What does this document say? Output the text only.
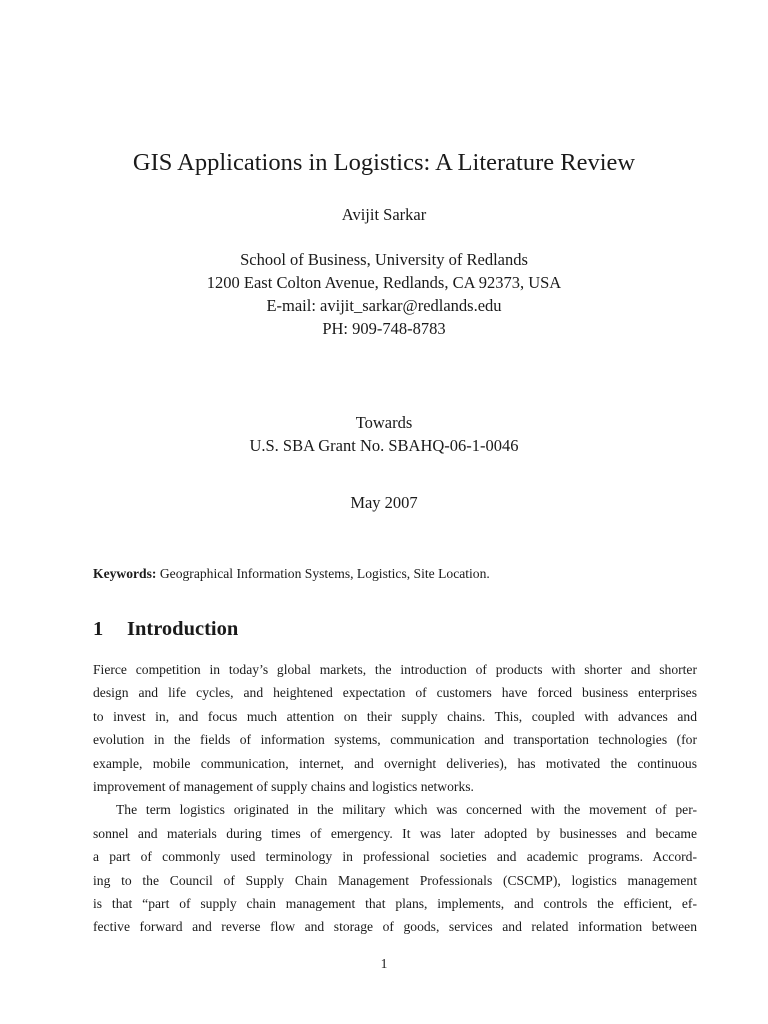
GIS Applications in Logistics: A Literature Review
Avijit Sarkar
School of Business, University of Redlands
1200 East Colton Avenue, Redlands, CA 92373, USA
E-mail: avijit_sarkar@redlands.edu
PH: 909-748-8783
Towards
U.S. SBA Grant No. SBAHQ-06-1-0046
May 2007
Keywords: Geographical Information Systems, Logistics, Site Location.
1 Introduction
Fierce competition in today’s global markets, the introduction of products with shorter and shorter
design and life cycles, and heightened expectation of customers have forced business enterprises
to invest in, and focus much attention on their supply chains. This, coupled with advances and
evolution in the fields of information systems, communication and transportation technologies (for
example, mobile communication, internet, and overnight deliveries), has motivated the continuous
improvement of management of supply chains and logistics networks.
The term logistics originated in the military which was concerned with the movement of per-
sonnel and materials during times of emergency. It was later adopted by businesses and became
a part of commonly used terminology in professional societies and academic programs. Accord-
ing to the Council of Supply Chain Management Professionals (CSCMP), logistics management
is that “part of supply chain management that plans, implements, and controls the efficient, ef-
fective forward and reverse flow and storage of goods, services and related information between
1
